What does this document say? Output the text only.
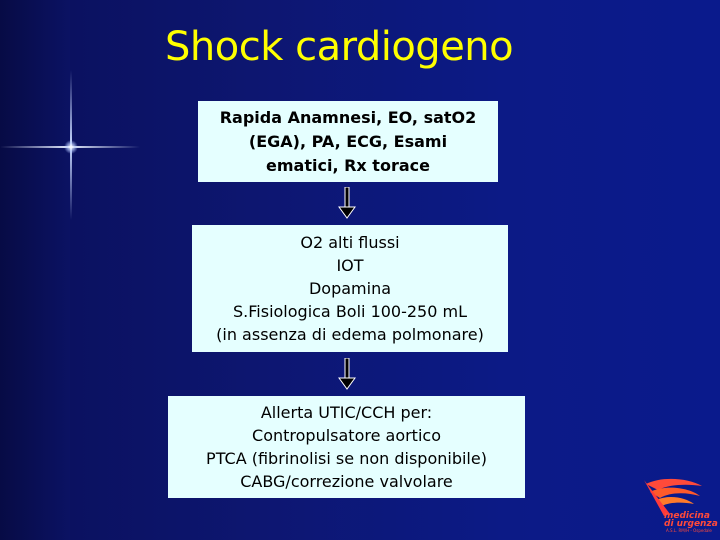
Shock cardiogeno
Rapida Anamnesi, EO, satO2
(EGA), PA, ECG, Esami
ematici, Rx torace
O2 alti flussi
IOT
Dopamina
S.Fisiologica Boli 100-250 mL
(in assenza di edema polmonare)
Allerta UTIC/CCH per:
Contropulsatore aortico
PTCA (fibrinolisi se non disponibile)
CABG/correzione valvolare
medicina
di urgenza
A.S.L. RM/H - Ospedale
